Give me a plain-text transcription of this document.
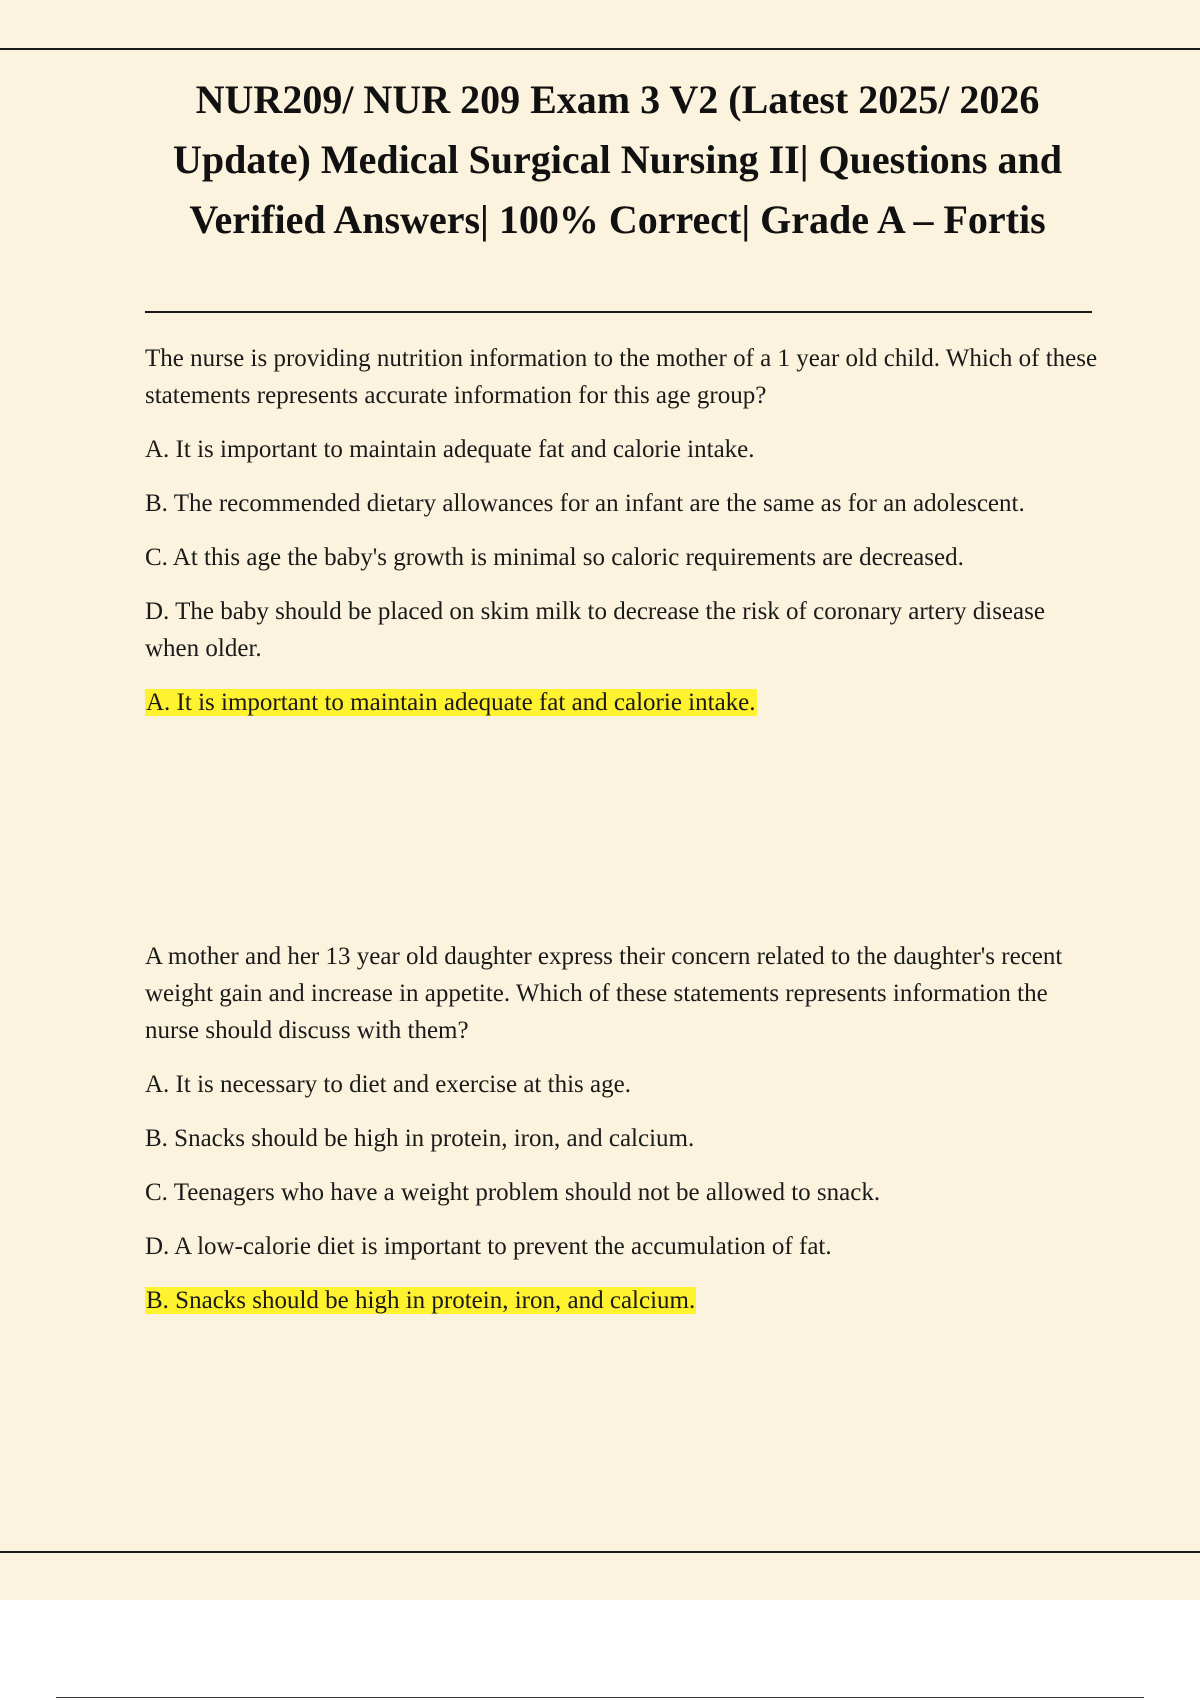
NUR209/ NUR 209 Exam 3 V2 (Latest 2025/ 2026 Update) Medical Surgical Nursing II| Questions and Verified Answers| 100% Correct| Grade A – Fortis

The nurse is providing nutrition information to the mother of a 1 year old child. Which of these statements represents accurate information for this age group?

A. It is important to maintain adequate fat and calorie intake.

B. The recommended dietary allowances for an infant are the same as for an adolescent.

C. At this age the baby's growth is minimal so caloric requirements are decreased.

D. The baby should be placed on skim milk to decrease the risk of coronary artery disease when older.

A. It is important to maintain adequate fat and calorie intake.

A mother and her 13 year old daughter express their concern related to the daughter's recent weight gain and increase in appetite. Which of these statements represents information the nurse should discuss with them?

A. It is necessary to diet and exercise at this age.

B. Snacks should be high in protein, iron, and calcium.

C. Teenagers who have a weight problem should not be allowed to snack.

D. A low-calorie diet is important to prevent the accumulation of fat.

B. Snacks should be high in protein, iron, and calcium.
